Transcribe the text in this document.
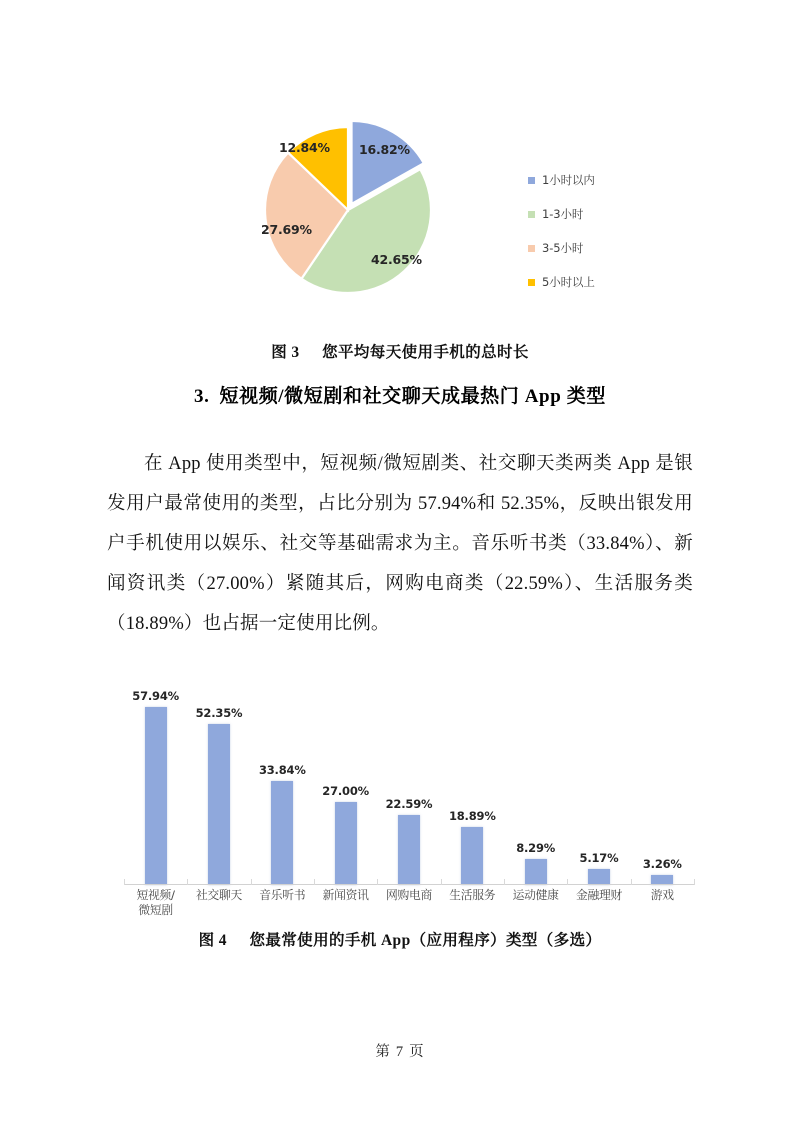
16.82%
42.65%
27.69%
12.84%
1小时以内
1-3小时
3-5小时
5小时以上
图 3 您平均每天使用手机的总时长
3. 短视频/微短剧和社交聊天成最热门 App 类型

在 App 使用类型中，短视频/微短剧类、社交聊天类两类 App 是银发用户最常使用的类型，占比分别为 57.94%和 52.35%，反映出银发用户手机使用以娱乐、社交等基础需求为主。音乐听书类（33.84%）、新闻资讯类（27.00%）紧随其后，网购电商类（22.59%）、生活服务类（18.89%）也占据一定使用比例。

57.94%
52.35%
33.84%
27.00%
22.59%
18.89%
8.29%
5.17% 3.26%
短视频/
微短剧
社交聊天	音乐听书	新闻资讯	网购电商	生活服务	运动健康	金融理财	游戏
图 4 您最常使用的手机 App（应用程序）类型（多选）
第 7 页
